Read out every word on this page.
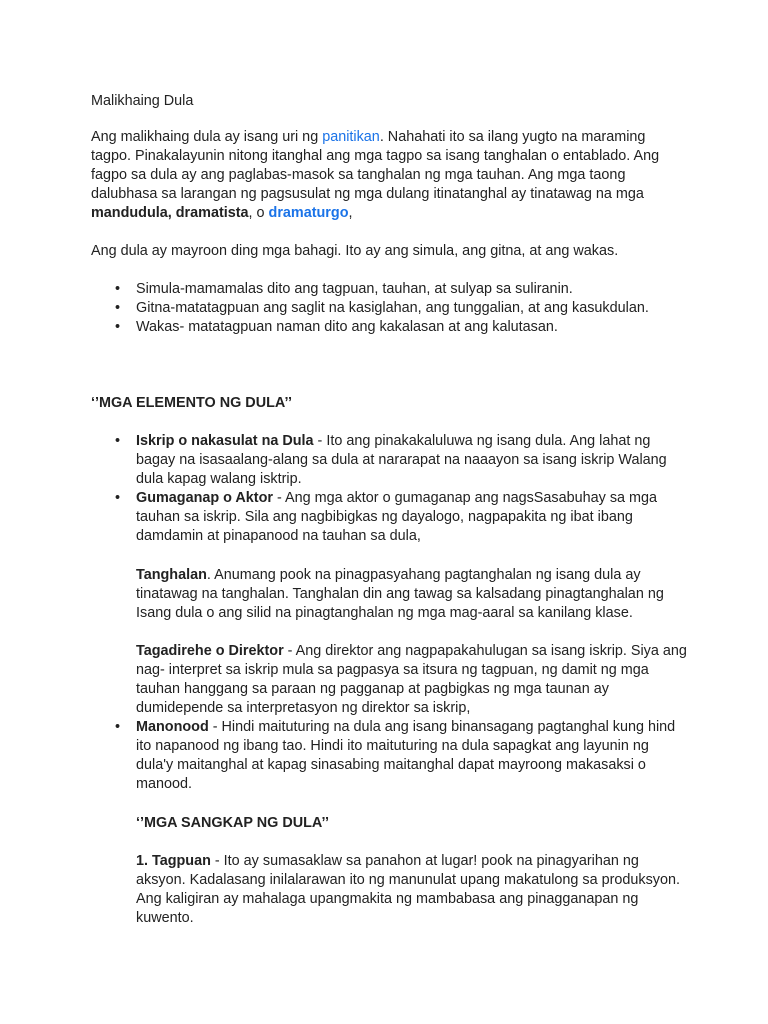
Malikhaing Dula

Ang malikhaing dula ay isang uri ng panitikan. Nahahati ito sa ilang yugto na maraming tagpo. Pinakalayunin nitong itanghal ang mga tagpo sa isang tanghalan o entablado. Ang fagpo sa dula ay ang paglabas-masok sa tanghalan ng mga tauhan. Ang mga taong dalubhasa sa larangan ng pagsusulat ng mga dulang itinatanghal ay tinatawag na mga mandudula, dramatista, o dramaturgo,

Ang dula ay mayroon ding mga bahagi. Ito ay ang simula, ang gitna, at ang wakas.

• Simula-mamamalas dito ang tagpuan, tauhan, at sulyap sa suliranin.
• Gitna-matatagpuan ang saglit na kasiglahan, ang tunggalian, at ang kasukdulan.
• Wakas- matatagpuan naman dito ang kakalasan at ang kalutasan.

‘’MGA ELEMENTO NG DULA’’

• Iskrip o nakasulat na Dula - Ito ang pinakakaluluwa ng isang dula. Ang lahat ng bagay na isasaalang-alang sa dula at nararapat na naaayon sa isang iskrip Walang dula kapag walang isktrip.
• Gumaganap o Aktor - Ang mga aktor o gumaganap ang nagsSasabuhay sa mga tauhan sa iskrip. Sila ang nagbibigkas ng dayalogo, nagpapakita ng ibat ibang damdamin at pinapanood na tauhan sa dula,

Tanghalan. Anumang pook na pinagpasyahang pagtanghalan ng isang dula ay tinatawag na tanghalan. Tanghalan din ang tawag sa kalsadang pinagtanghalan ng Isang dula o ang silid na pinagtanghalan ng mga mag-aaral sa kanilang klase.

Tagadirehe o Direktor - Ang direktor ang nagpapakahulugan sa isang iskrip. Siya ang nag- interpret sa iskrip mula sa pagpasya sa itsura ng tagpuan, ng damit ng mga tauhan hanggang sa paraan ng pagganap at pagbigkas ng mga taunan ay dumidepende sa interpretasyon ng direktor sa iskrip,

• Manonood - Hindi maituturing na dula ang isang binansagang pagtanghal kung hind ito napanood ng ibang tao. Hindi ito maituturing na dula sapagkat ang layunin ng dula'y maitanghal at kapag sinasabing maitanghal dapat mayroong makasaksi o manood.

‘’MGA SANGKAP NG DULA’’

1. Tagpuan - Ito ay sumasaklaw sa panahon at lugar! pook na pinagyarihan ng aksyon. Kadalasang inilalarawan ito ng manunulat upang makatulong sa produksyon. Ang kaligiran ay mahalaga upangmakita ng mambabasa ang pinagganapan ng kuwento.
